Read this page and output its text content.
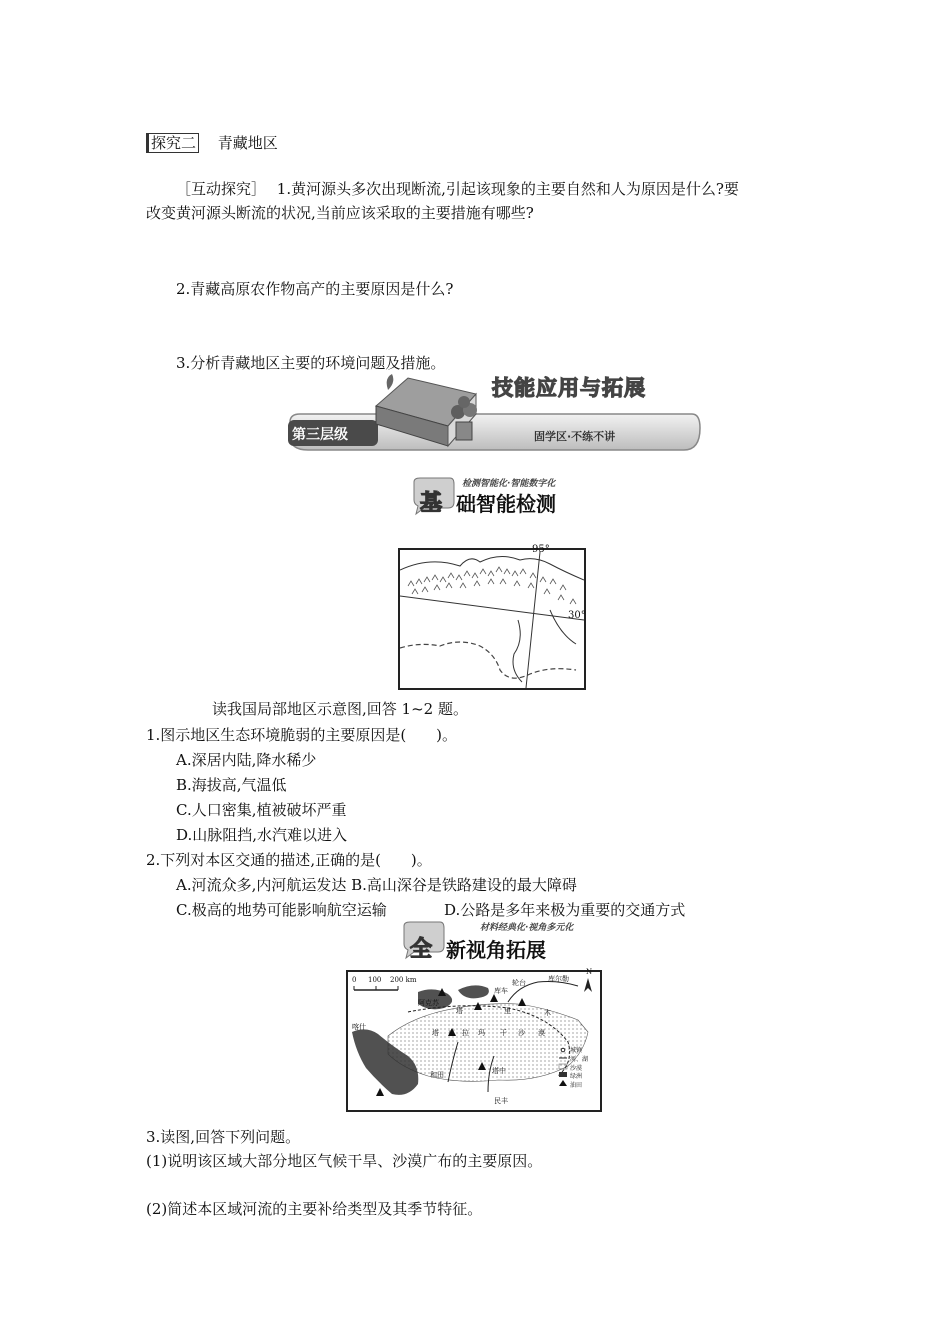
探究二 青藏地区
［互动探究］ 1.黄河源头多次出现断流,引起该现象的主要自然和人为原因是什么?要
改变黄河源头断流的状况,当前应该采取的主要措施有哪些?
2.青藏高原农作物高产的主要原因是什么?
3.分析青藏地区主要的环境问题及措施。
第三层级
技能应用与拓展
固学区·不练不讲
检测智能化·智能数字化
基 础智能检测
95°
30°
读我国局部地区示意图,回答 1~2 题。
1.图示地区生态环境脆弱的主要原因是(　　)。
A.深居内陆,降水稀少
B.海拔高,气温低
C.人口密集,植被破坏严重
D.山脉阻挡,水汽难以进入
2.下列对本区交通的描述,正确的是(　　)。
A.河流众多,内河航运发达 B.高山深谷是铁路建设的最大障碍
C.极高的地势可能影响航空运输	D.公路是多年来极为重要的交通方式
材料经典化·视角多元化
全 新视角拓展
0 100 200 km
N
阿克苏
库车
轮台	库尔勒
喀什
塔	里	木
塔 克 拉 玛 干 沙 漠
和田
民丰
塔中
城镇
河、湖
沙漠
绿洲
油田
3.读图,回答下列问题。
(1)说明该区域大部分地区气候干旱、沙漠广布的主要原因。
(2)简述本区域河流的主要补给类型及其季节特征。
